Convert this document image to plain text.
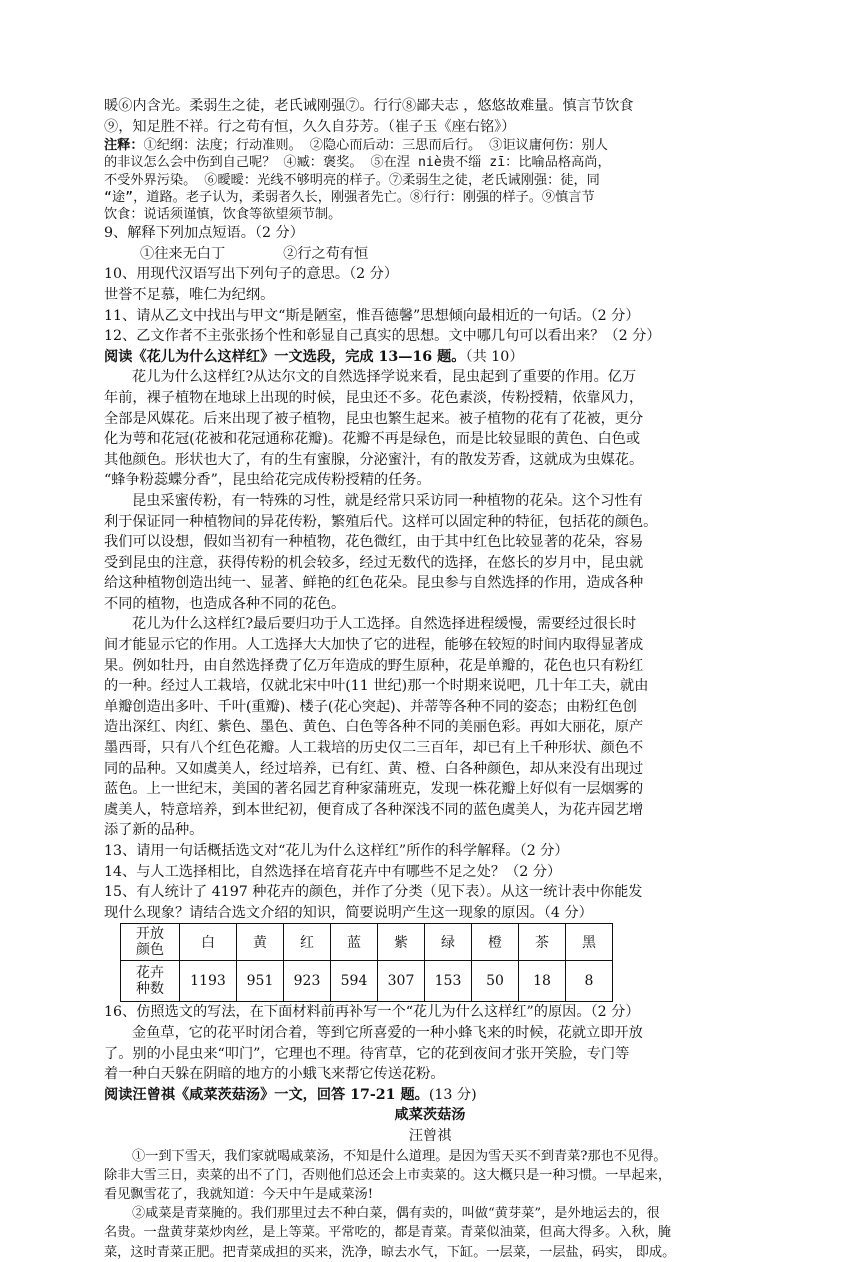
暖⑥内含光。柔弱生之徒，老氏诫刚强⑦。行行⑧鄙夫志 ，悠悠故难量。慎言节饮食

⑨，知足胜不祥。行之苟有恒，久久自芬芳。（崔子玉《座右铭》）

注释：①纪纲：法度；行动准则。 ②隐心而后动：三思而后行。 ③讵议庸何伤：别人

的非议怎么会中伤到自己呢？ ④臧：褒奖。 ⑤在涅 niè贵不缁 zī：比喻品格高尚，

不受外界污染。 ⑥曖曖：光线不够明亮的样子。⑦柔弱生之徒，老氏诫刚强：徒，同

“途”，道路。老子认为，柔弱者久长，刚强者先亡。⑧行行：刚强的样子。⑨慎言节

饮食：说话须谨慎，饮食等欲望须节制。

9、解释下列加点短语。（2 分）

①往来无白丁	②行之苟有恒

10、用现代汉语写出下列句子的意思。（2 分）

世誉不足慕，唯仁为纪纲。

11、请从乙文中找出与甲文“斯是陋室，惟吾德馨”思想倾向最相近的一句话。（2 分）

12、乙文作者不主张张扬个性和彰显自己真实的思想。文中哪几句可以看出来？（2 分）

阅读《花儿为什么这样红》一文选段，完成 13—16 题。（共 10）

花儿为什么这样红?从达尔文的自然选择学说来看，昆虫起到了重要的作用。亿万

年前，裸子植物在地球上出现的时候，昆虫还不多。花色素淡，传粉授精，依靠风力，

全部是风媒花。后来出现了被子植物，昆虫也繁生起来。被子植物的花有了花被，更分

化为萼和花冠(花被和花冠通称花瓣)。花瓣不再是绿色，而是比较显眼的黄色、白色或

其他颜色。形状也大了，有的生有蜜腺，分泌蜜汁，有的散发芳香，这就成为虫媒花。

“蜂争粉蕊蝶分香”，昆虫给花完成传粉授精的任务。

昆虫采蜜传粉，有一特殊的习性，就是经常只采访同一种植物的花朵。这个习性有

利于保证同一种植物间的异花传粉，繁殖后代。这样可以固定种的特征，包括花的颜色。

我们可以设想，假如当初有一种植物，花色微红，由于其中红色比较显著的花朵，容易

受到昆虫的注意，获得传粉的机会较多，经过无数代的选择，在悠长的岁月中，昆虫就

给这种植物创造出纯一、显著、鲜艳的红色花朵。昆虫参与自然选择的作用，造成各种

不同的植物，也造成各种不同的花色。

花儿为什么这样红?最后要归功于人工选择。自然选择进程缓慢，需要经过很长时

间才能显示它的作用。人工选择大大加快了它的进程，能够在较短的时间内取得显著成

果。例如牡丹，由自然选择费了亿万年造成的野生原种，花是单瓣的，花色也只有粉红

的一种。经过人工栽培，仅就北宋中叶(11 世纪)那一个时期来说吧，几十年工夫，就由

单瓣创造出多叶、千叶(重瓣)、楼子(花心突起)、并蒂等各种不同的姿态；由粉红色创

造出深红、肉红、紫色、墨色、黄色、白色等各种不同的美丽色彩。再如大丽花，原产

墨西哥，只有八个红色花瓣。人工栽培的历史仅二三百年，却已有上千种形状、颜色不

同的品种。又如虞美人，经过培养，已有红、黄、橙、白各种颜色，却从来没有出现过

蓝色。上一世纪末，美国的著名园艺育种家蒲班克，发现一株花瓣上好似有一层烟雾的

虞美人，特意培养，到本世纪初，便育成了各种深浅不同的蓝色虞美人，为花卉园艺增

添了新的品种。

13、请用一句话概括选文对“花儿为什么这样红”所作的科学解释。（2 分）

14、与人工选择相比，自然选择在培育花卉中有哪些不足之处？（2 分）

15、有人统计了 4197 种花卉的颜色，并作了分类（见下表）。从这一统计表中你能发

现什么现象？请结合选文介绍的知识，简要说明产生这一现象的原因。（4 分）

开放
颜色	白	黄	红	蓝	紫	绿	橙	茶	黑
花卉
种数	1193	951	923	594	307	153	50	18	8

16、仿照选文的写法，在下面材料前再补写一个“花儿为什么这样红”的原因。（2 分）

金鱼草，它的花平时闭合着，等到它所喜爱的一种小蜂飞来的时候，花就立即开放

了。别的小昆虫来“叩门”，它理也不理。待宵草，它的花到夜间才张开笑脸，专门等

着一种白天躲在阴暗的地方的小蛾飞来帮它传送花粉。

阅读汪曾祺《咸菜茨菇汤》一文，回答 17-21 题。(13 分)

咸菜茨菇汤

汪曾祺

①一到下雪天，我们家就喝咸菜汤，不知是什么道理。是因为雪天买不到青菜?那也不见得。

除非大雪三日，卖菜的出不了门，否则他们总还会上市卖菜的。这大概只是一种习惯。一早起来，

看见飘雪花了，我就知道：今天中午是咸菜汤!

②咸菜是青菜腌的。我们那里过去不种白菜，偶有卖的，叫做“黄芽菜”，是外地运去的，很

名贵。一盘黄芽菜炒肉丝，是上等菜。平常吃的，都是青菜。青菜似油菜，但高大得多。入秋，腌

菜，这时青菜正肥。把青菜成担的买来，洗净，晾去水气，下缸。一层菜，一层盐，码实， 即成。
